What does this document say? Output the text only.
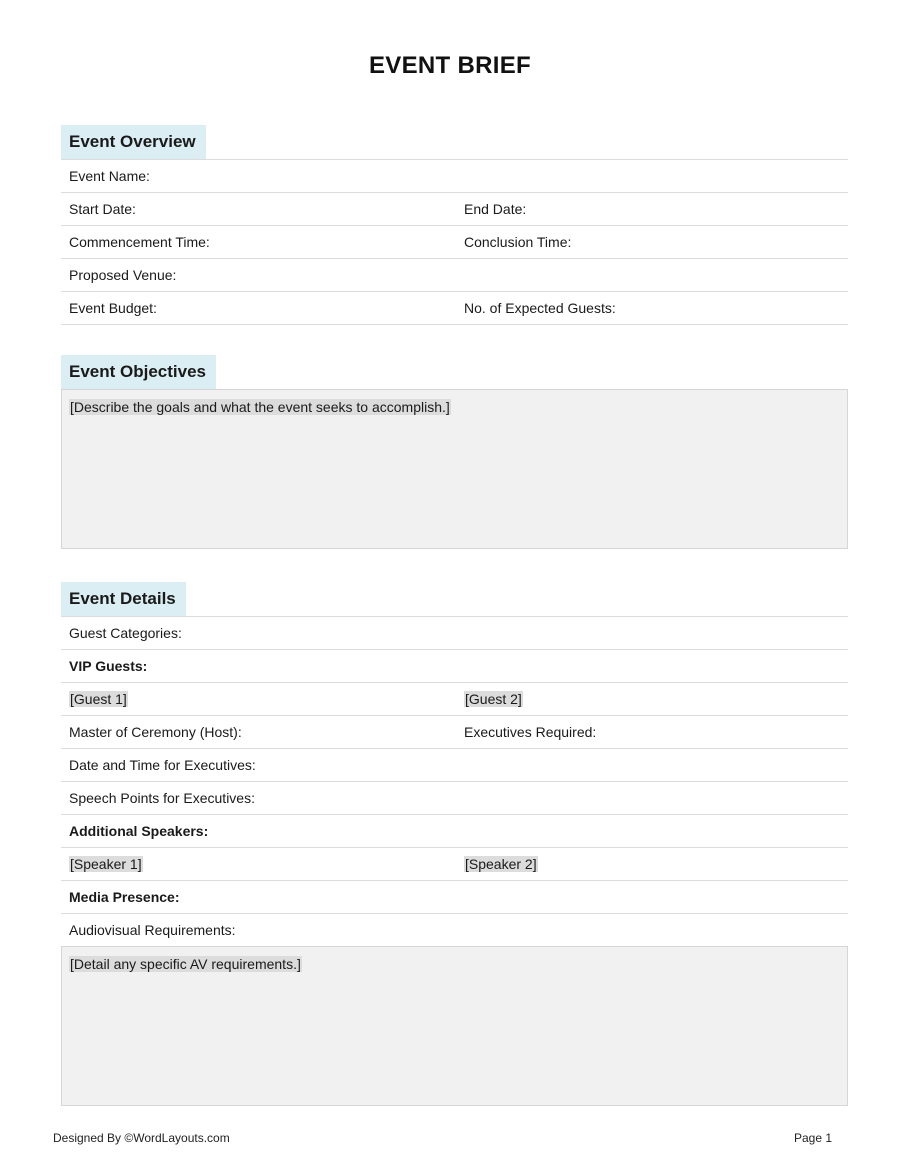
EVENT BRIEF
Event Overview
Event Name:
Start Date:	End Date:
Commencement Time:	Conclusion Time:
Proposed Venue:
Event Budget:	No. of Expected Guests:
Event Objectives
[Describe the goals and what the event seeks to accomplish.]
Event Details
Guest Categories:
VIP Guests:
[Guest 1]	[Guest 2]
Master of Ceremony (Host):	Executives Required:
Date and Time for Executives:
Speech Points for Executives:
Additional Speakers:
[Speaker 1]	[Speaker 2]
Media Presence:
Audiovisual Requirements:
[Detail any specific AV requirements.]
Designed By ©WordLayouts.com	Page 1
